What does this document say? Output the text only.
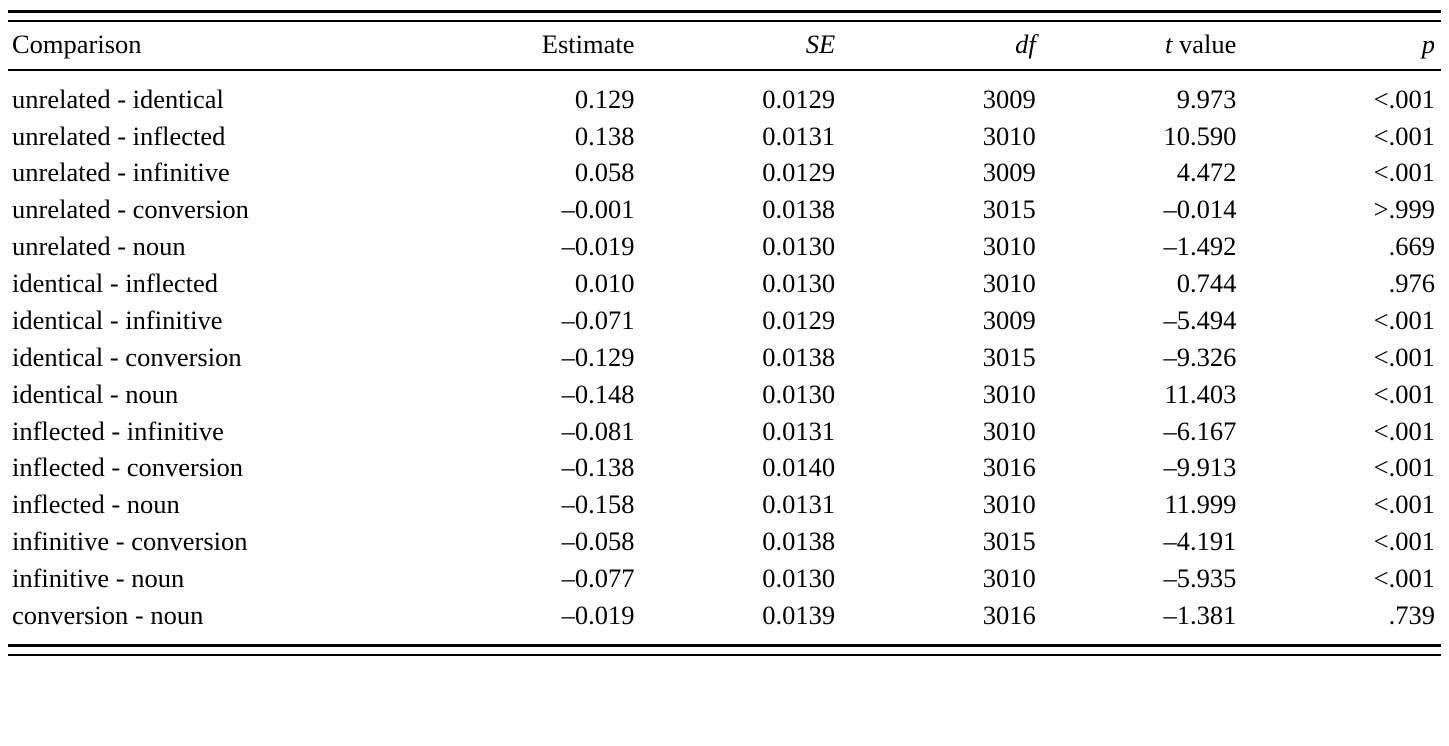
Comparison	Estimate	SE	df	t value	p

unrelated - identical	0.129	0.0129	3009	9.973	<.001
unrelated - inflected	0.138	0.0131	3010	10.590	<.001
unrelated - infinitive	0.058	0.0129	3009	4.472	<.001
unrelated - conversion	–0.001	0.0138	3015	–0.014	>.999
unrelated - noun	–0.019	0.0130	3010	–1.492	.669
identical - inflected	0.010	0.0130	3010	0.744	.976
identical - infinitive	–0.071	0.0129	3009	–5.494	<.001
identical - conversion	–0.129	0.0138	3015	–9.326	<.001
identical - noun	–0.148	0.0130	3010	11.403	<.001
inflected - infinitive	–0.081	0.0131	3010	–6.167	<.001
inflected - conversion	–0.138	0.0140	3016	–9.913	<.001
inflected - noun	–0.158	0.0131	3010	11.999	<.001
infinitive - conversion	–0.058	0.0138	3015	–4.191	<.001
infinitive - noun	–0.077	0.0130	3010	–5.935	<.001
conversion - noun	–0.019	0.0139	3016	–1.381	.739
